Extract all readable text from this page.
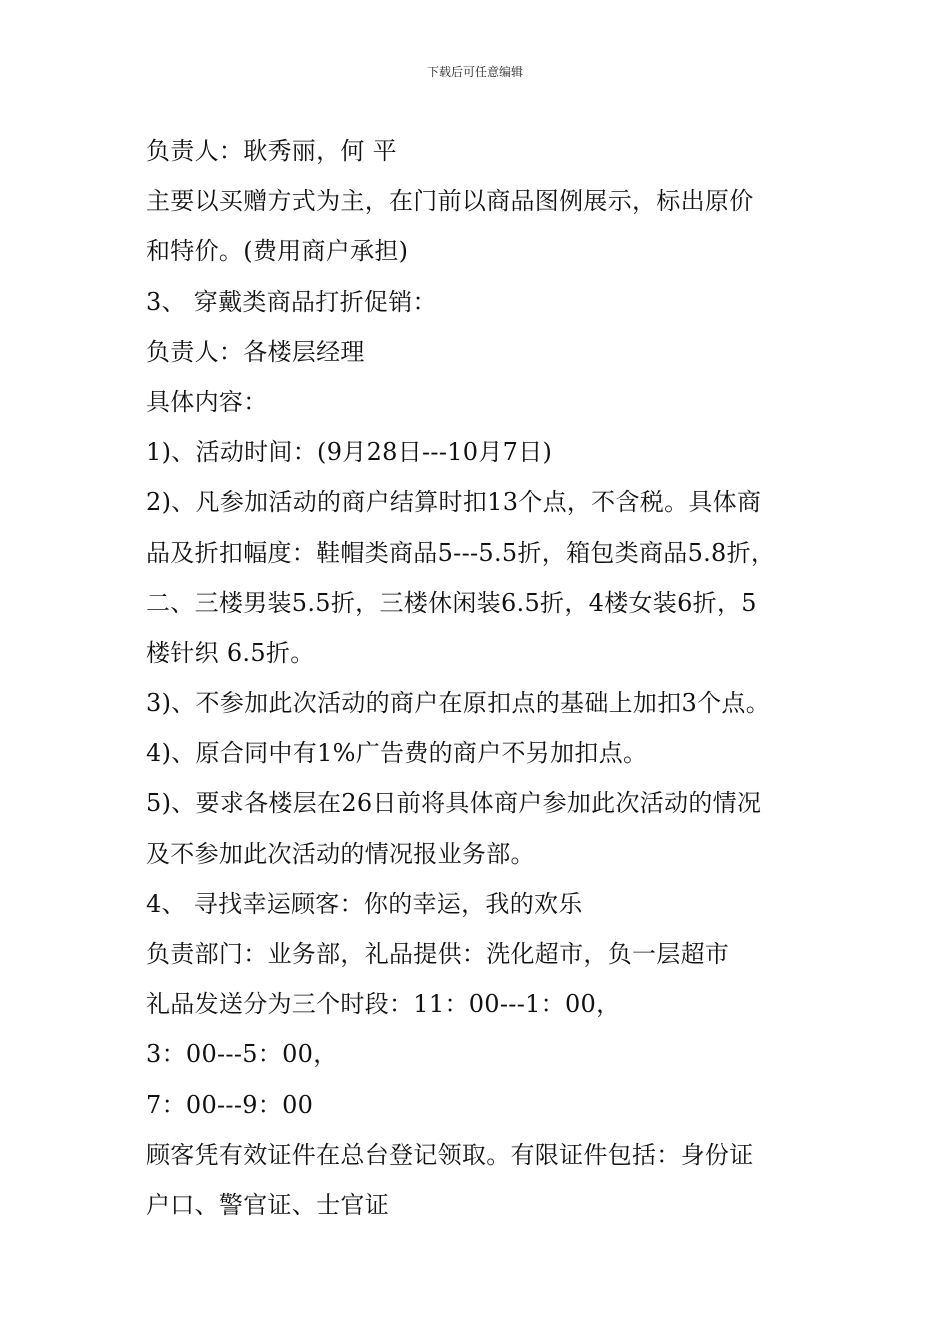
下载后可任意编辑
负责人：耿秀丽，何 平
主要以买赠方式为主，在门前以商品图例展示，标出原价
和特价。(费用商户承担)
3、 穿戴类商品打折促销：
负责人：各楼层经理
具体内容：
1)、活动时间：(9月28日---10月7日)
2)、凡参加活动的商户结算时扣13个点，不含税。具体商
品及折扣幅度：鞋帽类商品5---5.5折，箱包类商品5.8折，
二、三楼男装5.5折，三楼休闲装6.5折，4楼女装6折，5
楼针织 6.5折。
3)、不参加此次活动的商户在原扣点的基础上加扣3个点。
4)、原合同中有1%广告费的商户不另加扣点。
5)、要求各楼层在26日前将具体商户参加此次活动的情况
及不参加此次活动的情况报业务部。
4、 寻找幸运顾客：你的幸运，我的欢乐
负责部门：业务部，礼品提供：洗化超市，负一层超市
礼品发送分为三个时段：11：00---1：00，
3：00---5：00，
7：00---9：00
顾客凭有效证件在总台登记领取。有限证件包括：身份证
户口、警官证、士官证
